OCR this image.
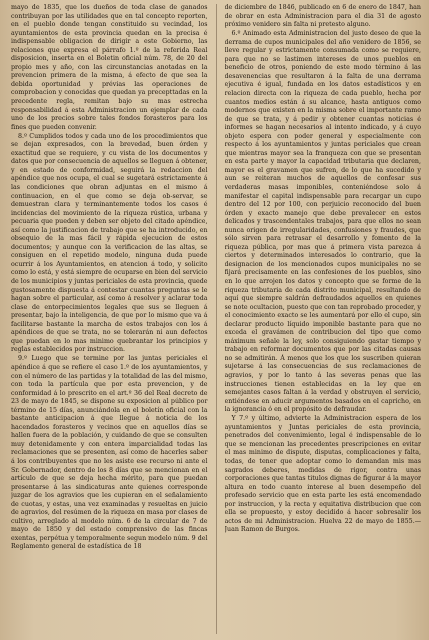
mayo de 1835, que los dueños de toda clase de ganados contribuyan por las utilidades que en tal concepto reporten, en el pueblo donde tengan constituido su vecindad, los ayuntamientos de esta provincia quedan en la precisa é indispensable obligacion de dirigir a este Gobierno, las relaciones que expresa el párrafo 1.º de la referida Real disposicion, inserta en el Boletin oficial núm. 78, de 20 del propio mes y año, con las circunstancias anotadas en la prevencion primera de la misma, á efecto de que sea la debida oportunidad y prévias las operaciones de comprobacion y conocidas que quedan ya precepttadas en la precedente regla, remitan bajo su mas estrecha responsabilidad á esta Administracion un ejemplar de cada uno de los precios sobre tales fondos forasteros para los fines que pueden convenir.

8.º Cumplidos todos y cada uno de los procedimientos que se dejan expresados, con la brevedad, buen órden y exactitud que se requiere, y cu vista de los documentos y datos que por consecuencia de aquellos se lleguen á obtener, y en estado de conformidad, seguirá la redaccion del apéndice que nos ocupa, el cual se sugetará estrictamente á las condiciones que obran adjuntas en el mismo á continuacion, en el que como se deja ob-servar, se demuestran clara y terminantemente todos los casos é incidencias del movimiento de la riqueza rústica, urbana y pecuaria que pueden y deben ser objeto del citado apéndice, así como la justificacion de trabajo que se ha introducido, en obsequio de la mas fácil y rápida ejecucion de estos documentos; y aunque con la verificacion de las altas, se consiguen en el repetido modelo, ninguna duda puede ocurrir á los Ayuntamientos, en atencion á todo, y solicito como lo está, y está siempre de ocuparse en bien del servicio de los municipios y juntas periciales de esta provincia, quede gustosamente dispuesta á contestar cuantas preguntas se le hagan sobre el particular, así como á resolver y aclarar toda clase de entorpecimientos legales que sus se lleguen á presentar, bajo la inteligencia, de que por lo mismo que va á facilitarse bastante la marcha de estos trabajos con los á apéndices de que se trata, no se tolerarán ni aun defectos que puedan en lo mas minimo quebrantar los principios y reglas establecidos por instruccion.

9.º Luego que se termine por las juntas periciales el apéndice á que se refiere el caso 1.º de los ayuntamientos, y con el número de las partidas y la totalidad de las del mismo, con toda la partícula que por esta prevencion, y de conformidad á lo prescrito en el art.º 36 del Real decreto de 23 de mayo de 1845, se dispone su exposicion al público por término de 15 días, anunciándola en el boletín oficial con la bastante anticipacion á que llegue á noticia de los hacendados forasteros y vecinos que en aquellos días se hallen fuera de la población, y cuidando de que se consulten muy detenidamente y con entera imparcialidad todas las reclamaciones que se presenten, así como de hacerles saber á los contribuyentes que no les asiste ese recurso ni ante el Sr. Gobernador, dentro de los 8 días que se mencionan en el artículo de que se deja hecha mérito, para que puedan presentarse á las sindicaturas ante quienes corresponde juzgar de los agravios que les cupieran en el señalamiento de cuotas, y estas, una vez examinadas y resueltas en juicio de agravios, del resúmen de la riqueza en masa por clases de cultivo, arreglado al modelo núm. 6 de la circular de 7 de mayo de 1850 y del estado comprensivo de las fincas exentas, perpétua y temporalmente segun modelo núm. 9 del Reglamento general de estadística de 18

de diciembre de 1846, publicado en 6 de enero de 1847, han de obrar en esta Administracion para el dia 31 de agosto próximo venidero sin falta ni pretesto alguno.

6.º Animado esta Administracion del justo deseo de que la derrama de cupos municipales del año venidero de 1856, se lleve regular y estrictamente consumada como se requiere, para que no se lastimen intereses de unos pueblos en beneficio de otros, poniendo de este modo término á las desavenencias que resultaron á la falta de una derrama ejecutiva é igual, fundada en los datos estadísticos y en relacion directa con la riqueza de cada pueblo, hecha por cuantos medios están á su alcance, hasta antiguos como modernos que existen en la misma sobre el importante ramo de que se trata, y á pedir y obtener cuantas noticias é informes se hagan necesarios al intento indicado, y á cuyo objeto espera con poder general y especialmente con respecto á los ayuntamientos y juntas periciales que crean que mientras mayor sea la franqueza con que se presentan en esta parte y mayor la capacidad tributaria que declaren, mayor es el gravamen que sufren, de lo que ha sucedido y aun se reiteran muchos de aquellos de confesar sus verdaderas masas imponibles, conteniéndose solo á manifestar el capital indispensable para recargar un cupo dentro del 12 por 100, con perjuicio reconocido del buen órden y exacto manejo que debe prevalecer en estos delicados y trascendentales trabajos, para que ellos no sean nunca origen de irregularidades, confusiones y fraudes, que sólo sirven para retrasar el desarrollo y fomento de la riqueza pública, por mas que á primera vista parezca á ciertos y determinados interesados lo contrario, que la designacion de los mencionados cupos municipales no se fijará precisamente en las confesiones de los pueblos, sino en lo que arrojen los datos y concepto que se forme de la riqueza tributaria de cada distrito municipal, resultando de aquí que siempre saldrán defraudados aquellos en quienes se note ocultacion, puesto que con tan reprobado proceder, y el conocimiento exacto se les aumentará por ello el cupo, sin declarar producto líquido imponible bastante para que no exceda el gravámen de contribucion del tipo que como máximum señale la ley, solo consiguiendo gastar tiempo y trabajo en reformar documentos que por las citadas causas no se admitirán. Á menos que los que los suscriben quieran sujetarse á las consecuencias de sus reclamaciones de agravios, y por lo tanto á las severas penas que las instrucciones tienen establecidas en la ley que en semejantes casos faltan á la verdad y obstruyen el servicio, entiéndese en aducir argumentos basados en el capricho, en la ignorancia ó en el propósito de defraudar.

Y 7.º y último, advierte la Administracion espera de los ayuntamientos y Juntas periciales de esta provincia, penetrados del convenimiento, legal é indispensable de lo que se mencionan las precedentes prescripciones en evitar el mas minimo de dispute, disputas, complicaciones y falta, todas, de tener que adoptar como lo demandan mis mas sagrados deberes, medidas de rigor, contra unas corporaciones que tantas titulos dignas de figurar á la mayor altura en todo cuanto interese al buen desempeño del profesado servicio que en esta parte les está encomendado por instruccion, y la recta y equitativa distribucion que con ella se propuesto, y estoy decidido á hacer sobresalir los actos de mi Administracion. Huelva 22 de mayo de 1855.—Juan Ramon de Burgos.
